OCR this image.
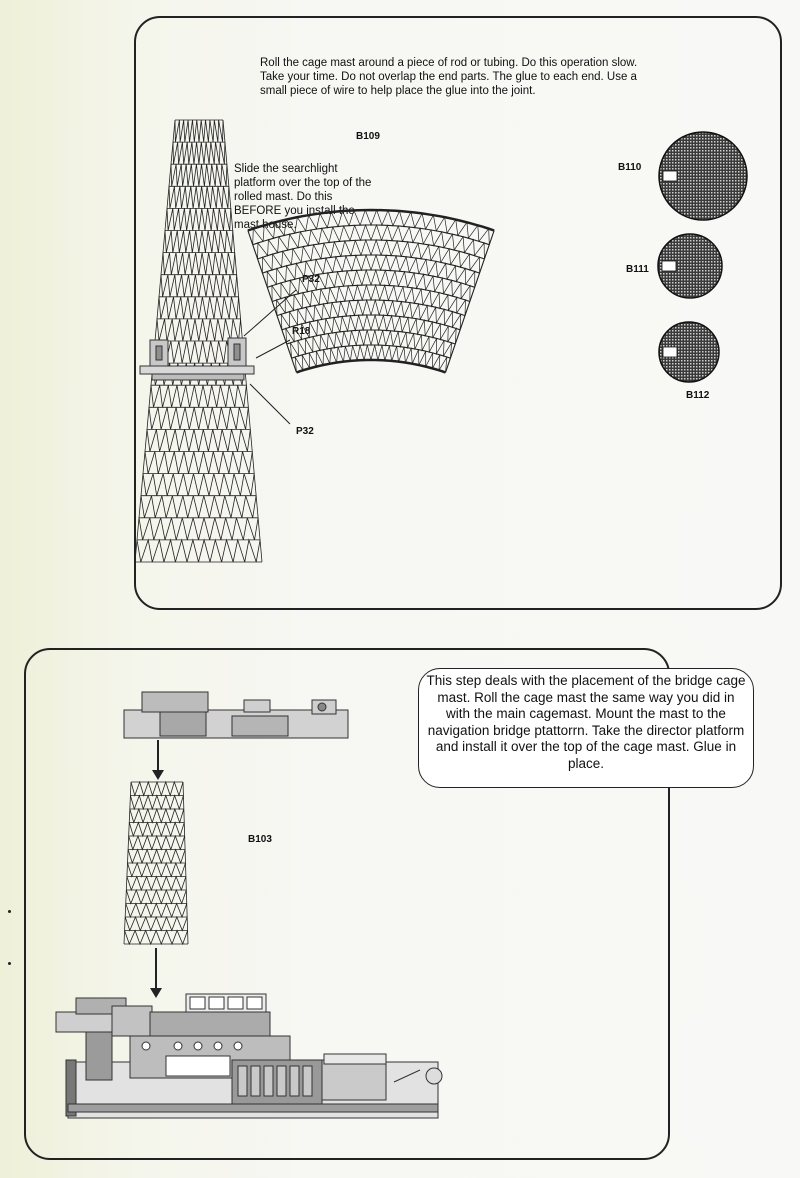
Roll the cage mast around a piece of rod or tubing. Do this operation slow. Take your time. Do not overlap the end parts. The glue to each end. Use a small piece of wire to help place the glue into the joint.
Slide the searchlight platform over the top of the rolled mast. Do this BEFORE you install the mast house.
P32
R18
P32
B109
B110
B111
B112
This step deals with the placement of the bridge cage mast. Roll the cage mast the same way you did in with the main cagemast. Mount the mast to the navigation bridge ptattorrn. Take the director platform and install it over the top of the cage mast. Glue in place.
B103
